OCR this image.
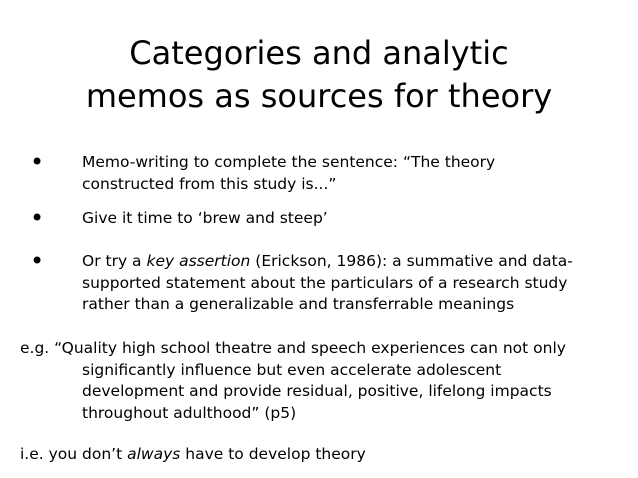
Categories and analytic
memos as sources for theory
• Memo-writing to complete the sentence: “The theory
constructed from this study is...”
• Give it time to ‘brew and steep’
• Or try a key assertion (Erickson, 1986): a summative and data-
supported statement about the particulars of a research study
rather than a generalizable and transferrable meanings
e.g. “Quality high school theatre and speech experiences can not only
significantly influence but even accelerate adolescent
development and provide residual, positive, lifelong impacts
throughout adulthood” (p5)
i.e. you don’t always have to develop theory
